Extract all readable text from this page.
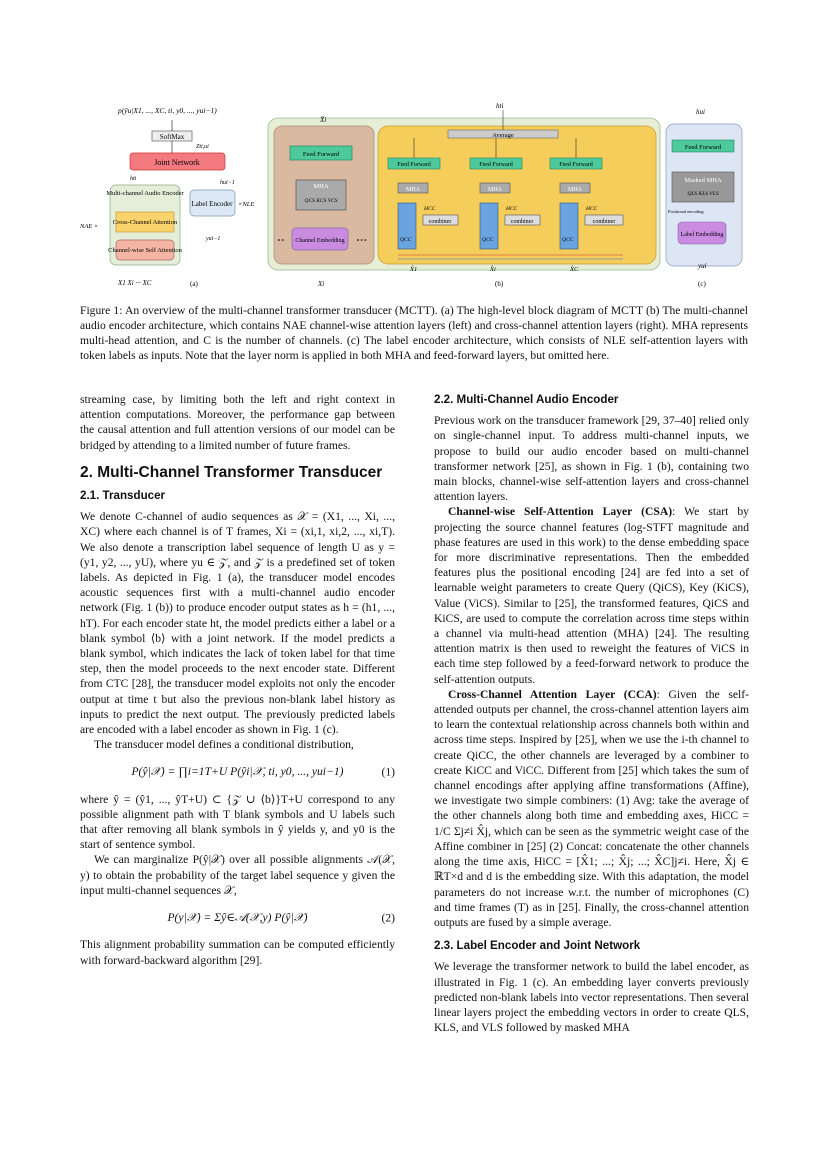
p(ŷu|X1, ..., XC, ti, y0, ..., yui−1)
SoftMax
Zti,ui
Joint Network
hti
hui−1
Multi-channel Audio Encoder
Cross-Channel Attention
Channel-wise Self Attention
NAE ×
Label Encoder ×NLE
yui−1
X1 Xi ··· XC	(a)
X̂i
Feed Forward
MHA
QCS KCS VCS
Channel Embedding
∘∘	∘∘∘
Xi
hti
Average
Feed Forward
MHA
HCC
combiner
QCC
X̂1
Feed Forward
MHA
HCC
combiner
QCC
X̂i
Feed Forward
MHA
HCC
combiner
QCC
X̂C
(b)
hui
Feed Forward
Masked MHA
QLS KLS VLS
Positional encoding
Label Embedding
yui
(c)
Figure 1: An overview of the multi-channel transformer transducer (MCTT). (a) The high-level block diagram of MCTT (b) The multi-channel audio encoder architecture, which contains NAE channel-wise attention layers (left) and cross-channel attention layers (right). MHA represents multi-head attention, and C is the number of channels. (c) The label encoder architecture, which consists of NLE self-attention layers with token labels as inputs. Note that the layer norm is applied in both MHA and feed-forward layers, but omitted here.

streaming case, by limiting both the left and right context in attention computations. Moreover, the performance gap between the causal attention and full attention versions of our model can be bridged by attending to a limited number of future frames.

2. Multi-Channel Transformer Transducer
2.1. Transducer

We denote C-channel of audio sequences as 𝒳 = (X1, ..., Xi, ..., XC) where each channel is of T frames, Xi = (xi,1, xi,2, ..., xi,T). We also denote a transcription label sequence of length U as y = (y1, y2, ..., yU), where yu ∈ 𝒵, and 𝒵 is a predefined set of token labels. As depicted in Fig. 1 (a), the transducer model encodes acoustic sequences first with a multi-channel audio encoder network (Fig. 1 (b)) to produce encoder output states as h = (h1, ..., hT). For each encoder state ht, the model predicts either a label or a blank symbol ⟨b⟩ with a joint network. If the model predicts a blank symbol, which indicates the lack of token label for that time step, then the model proceeds to the next encoder state. Different from CTC [28], the transducer model exploits not only the encoder output at time t but also the previous non-blank label history as inputs to predict the next output. The previously predicted labels are encoded with a label encoder as shown in Fig. 1 (c).

The transducer model defines a conditional distribution,

P(ŷ|𝒳) = ∏i=1T+U P(ŷi|𝒳, ti, y0, ..., yui−1)	(1)

where ŷ = (ŷ1, ..., ŷT+U) ⊂ {𝒵 ∪ ⟨b⟩}T+U correspond to any possible alignment path with T blank symbols and U labels such that after removing all blank symbols in ŷ yields y, and y0 is the start of sentence symbol.

We can marginalize P(ŷ|𝒳) over all possible alignments 𝒜(𝒳, y) to obtain the probability of the target label sequence y given the input multi-channel sequences 𝒳,

P(y|𝒳) = Σŷ∈𝒜(𝒳,y) P(ŷ|𝒳)	(2)

This alignment probability summation can be computed efficiently with forward-backward algorithm [29].

2.2. Multi-Channel Audio Encoder

Previous work on the transducer framework [29, 37–40] relied only on single-channel input. To address multi-channel inputs, we propose to build our audio encoder based on multi-channel transformer network [25], as shown in Fig. 1 (b), containing two main blocks, channel-wise self-attention layers and cross-channel attention layers.

Channel-wise Self-Attention Layer (CSA): We start by projecting the source channel features (log-STFT magnitude and phase features are used in this work) to the dense embedding space for more discriminative representations. Then the embedded features plus the positional encoding [24] are fed into a set of learnable weight parameters to create Query (QiCS), Key (KiCS), Value (ViCS). Similar to [25], the transformed features, QiCS and KiCS, are used to compute the correlation across time steps within a channel via multi-head attention (MHA) [24]. The resulting attention matrix is then used to reweight the features of ViCS in each time step followed by a feed-forward network to produce the self-attention outputs.

Cross-Channel Attention Layer (CCA): Given the self-attended outputs per channel, the cross-channel attention layers aim to learn the contextual relationship across channels both within and across time steps. Inspired by [25], when we use the i-th channel to create QiCC, the other channels are leveraged by a combiner to create KiCC and ViCC. Different from [25] which takes the sum of channel encodings after applying affine transformations (Affine), we investigate two simple combiners: (1) Avg: take the average of the other channels along both time and embedding axes, HiCC = 1/C Σj≠i X̂j, which can be seen as the symmetric weight case of the Affine combiner in [25] (2) Concat: concatenate the other channels along the time axis, HiCC = [X̂1; ...; X̂j; ...; X̂C]j≠i. Here, X̂j ∈ ℝT×d and d is the embedding size. With this adaptation, the model parameters do not increase w.r.t. the number of microphones (C) and time frames (T) as in [25]. Finally, the cross-channel attention outputs are fused by a simple average.

2.3. Label Encoder and Joint Network

We leverage the transformer network to build the label encoder, as illustrated in Fig. 1 (c). An embedding layer converts previously predicted non-blank labels into vector representations. Then several linear layers project the embedding vectors in order to create QLS, KLS, and VLS followed by masked MHA
